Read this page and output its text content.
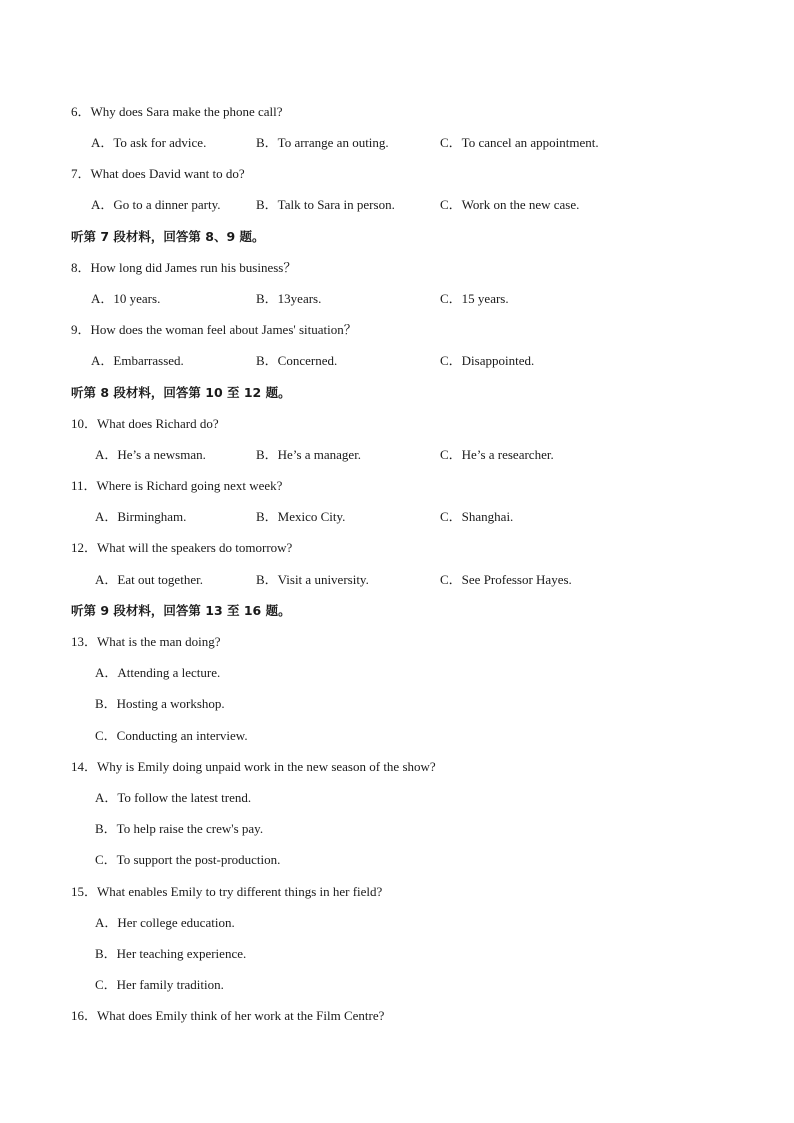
6．Why does Sara make the phone call?
A．To ask for advice.	B．To arrange an outing.	C．To cancel an appointment.
7．What does David want to do?
A．Go to a dinner party.	B．Talk to Sara in person.	C．Work on the new case.
听第 7 段材料，回答第 8、9 题。
8．How long did James run his business？
A．10 years.	B．13years.	C．15 years.
9．How does the woman feel about James' situation？
A．Embarrassed.	B．Concerned.	C．Disappointed.
听第 8 段材料，回答第 10 至 12 题。
10．What does Richard do?
A．He’s a newsman.	B．He’s a manager.	C．He’s a researcher.
11．Where is Richard going next week?
A．Birmingham.	B．Mexico City.	C．Shanghai.
12．What will the speakers do tomorrow?
A．Eat out together.	B．Visit a university.	C．See Professor Hayes.
听第 9 段材料，回答第 13 至 16 题。
13．What is the man doing?
A．Attending a lecture.
B．Hosting a workshop.
C．Conducting an interview.
14．Why is Emily doing unpaid work in the new season of the show?
A．To follow the latest trend.
B．To help raise the crew's pay.
C．To support the post-production.
15．What enables Emily to try different things in her field?
A．Her college education.
B．Her teaching experience.
C．Her family tradition.
16．What does Emily think of her work at the Film Centre?
